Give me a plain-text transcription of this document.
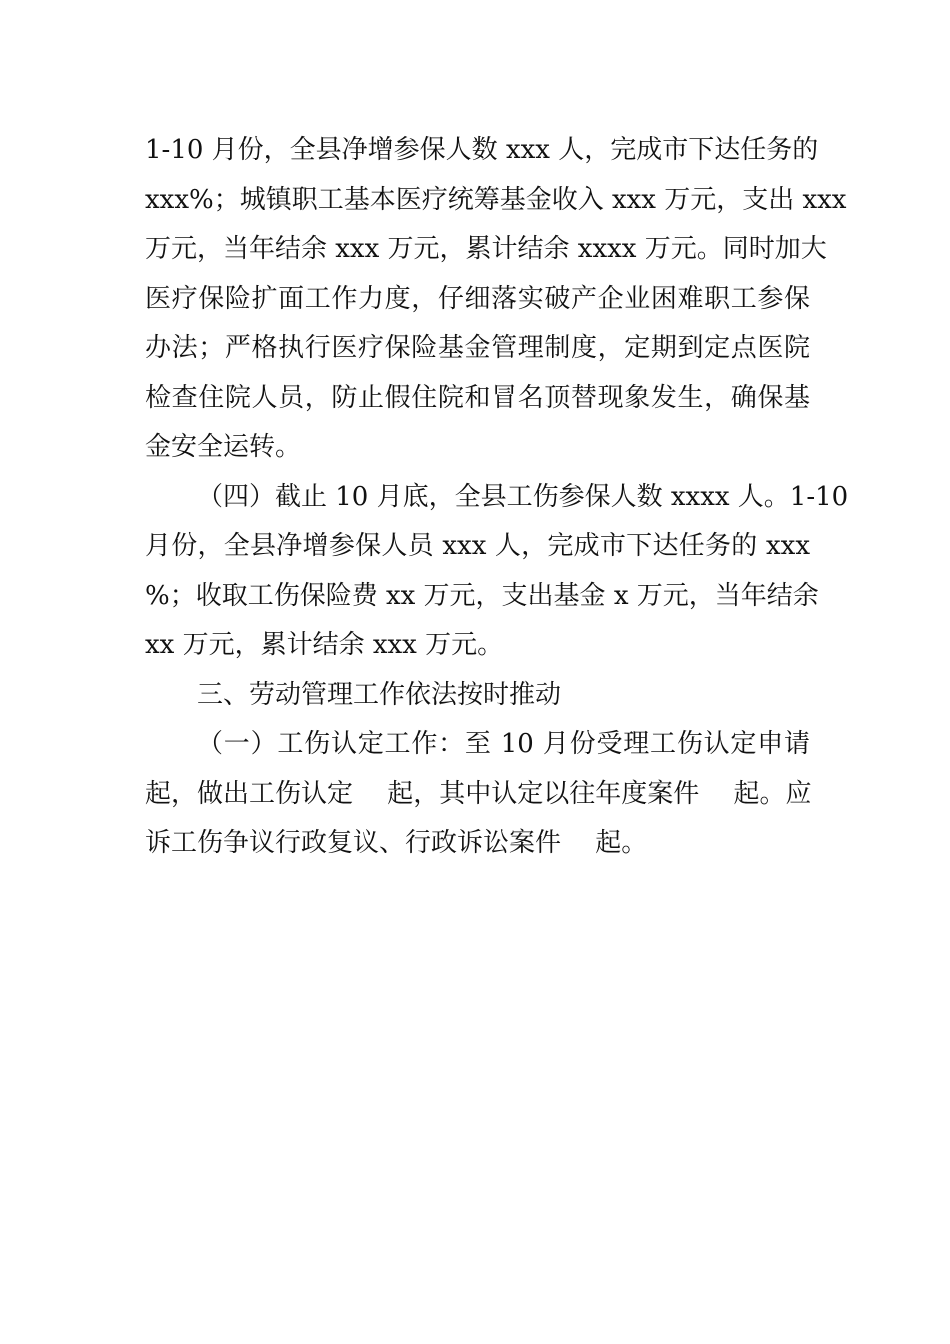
1-10 月份，全县净增参保人数 xxx 人，完成市下达任务的
xxx%；城镇职工基本医疗统筹基金收入 xxx 万元，支出 xxx
万元，当年结余 xxx 万元，累计结余 xxxx 万元。同时加大
医疗保险扩面工作力度，仔细落实破产企业困难职工参保
办法；严格执行医疗保险基金管理制度，定期到定点医院
检查住院人员，防止假住院和冒名顶替现象发生，确保基
金安全运转。

（四）截止 10 月底，全县工伤参保人数 xxxx 人。1-10
月份，全县净增参保人员 xxx 人，完成市下达任务的 xxx
%；收取工伤保险费 xx 万元，支出基金 x 万元，当年结余
xx 万元，累计结余 xxx 万元。

三、劳动管理工作依法按时推动

（一）工伤认定工作：至 10 月份受理工伤认定申请
起，做出工伤认定　 起，其中认定以往年度案件　 起。应
诉工伤争议行政复议、行政诉讼案件　 起。
